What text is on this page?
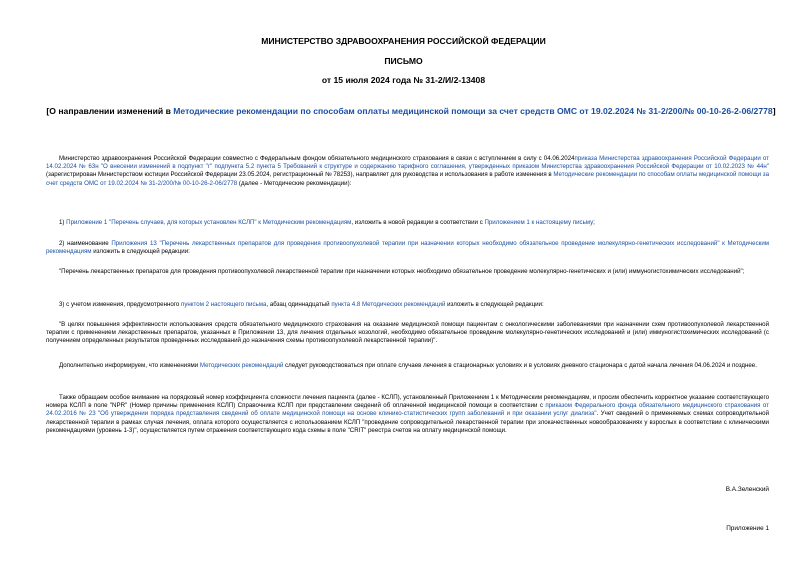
МИНИСТЕРСТВО ЗДРАВООХРАНЕНИЯ РОССИЙСКОЙ ФЕДЕРАЦИИ
ПИСЬМО
от 15 июля 2024 года № 31-2/И/2-13408
[О направлении изменений в Методические рекомендации по способам оплаты медицинской помощи за счет средств ОМС от 19.02.2024 № 31-2/200/№ 00-10-26-2-06/2778]
Министерство здравоохранения Российской Федерации совместно с Федеральным фондом обязательного медицинского страхования в связи с вступлением в силу с 04.06.2024приказа Министерства здравоохранения Российской Федерации от 14.02.2024 № 63н "О внесении изменений в подпункт "г" подпункта 5.2 пункта 5 Требований к структуре и содержанию тарифного соглашения, утвержденных приказом Министерства здравоохранения Российской Федерации от 10.02.2023 № 44н" (зарегистрирован Министерством юстиции Российской Федерации 23.05.2024, регистрационный № 78253), направляет для руководства и использования в работе изменения в Методические рекомендации по способам оплаты медицинской помощи за счет средств ОМС от 19.02.2024 № 31-2/200/№ 00-10-26-2-06/2778 (далее - Методические рекомендации):
1) Приложение 1 "Перечень случаев, для которых установлен КСЛП" к Методическим рекомендациям, изложить в новой редакции в соответствии с Приложением 1 к настоящему письму;
2) наименование Приложения 13 "Перечень лекарственных препаратов для проведения противоопухолевой терапии при назначении которых необходимо обязательное проведение молекулярно-генетических исследований" к Методическим рекомендациям изложить в следующей редакции:
"Перечень лекарственных препаратов для проведения противоопухолевой лекарственной терапии при назначении которых необходимо обязательное проведение молекулярно-генетических и (или) иммуногистохимических исследований";
3) с учетом изменения, предусмотренного пунктом 2 настоящего письма, абзац одиннадцатый пункта 4.8 Методических рекомендаций изложить в следующей редакции:
"В целях повышения эффективности использования средств обязательного медицинского страхования на оказание медицинской помощи пациентам с онкологическими заболеваниями при назначении схем противоопухолевой лекарственной терапии с применением лекарственных препаратов, указанных в Приложении 13, для лечения отдельных нозологий, необходимо обязательное проведение молекулярно-генетических исследований и (или) иммуногистохимических исследований (с получением определенных результатов проведенных исследований до назначения схемы противоопухолевой лекарственной терапии)".
Дополнительно информируем, что изменениями Методических рекомендаций следует руководствоваться при оплате случаев лечения в стационарных условиях и в условиях дневного стационара с датой начала лечения 04.06.2024 и позднее.
Также обращаем особое внимание на порядковый номер коэффициента сложности лечения пациента (далее - КСЛП), установленный Приложением 1 к Методическим рекомендациям, и просим обеспечить корректное указание соответствующего номера КСЛП в поле "NPR" (Номер причины применения КСЛП) Справочника КСЛП при представлении сведений об оплаченной медицинской помощи в соответствии с приказом Федерального фонда обязательного медицинского страхования от 24.02.2016 № 23 "Об утверждении порядка представления сведений об оплате медицинской помощи на основе клинико-статистических групп заболеваний и при оказании услуг диализа". Учет сведений о применяемых схемах сопроводительной лекарственной терапии в рамках случая лечения, оплата которого осуществляется с использованием КСЛП "проведение сопроводительной лекарственной терапии при злокачественных новообразованиях у взрослых в соответствии с клиническими рекомендациями (уровень 1-3)", осуществляется путем отражения соответствующего кода схемы в поле "CRIT" реестра счетов на оплату медицинской помощи.
В.А.Зеленский
Приложение 1
